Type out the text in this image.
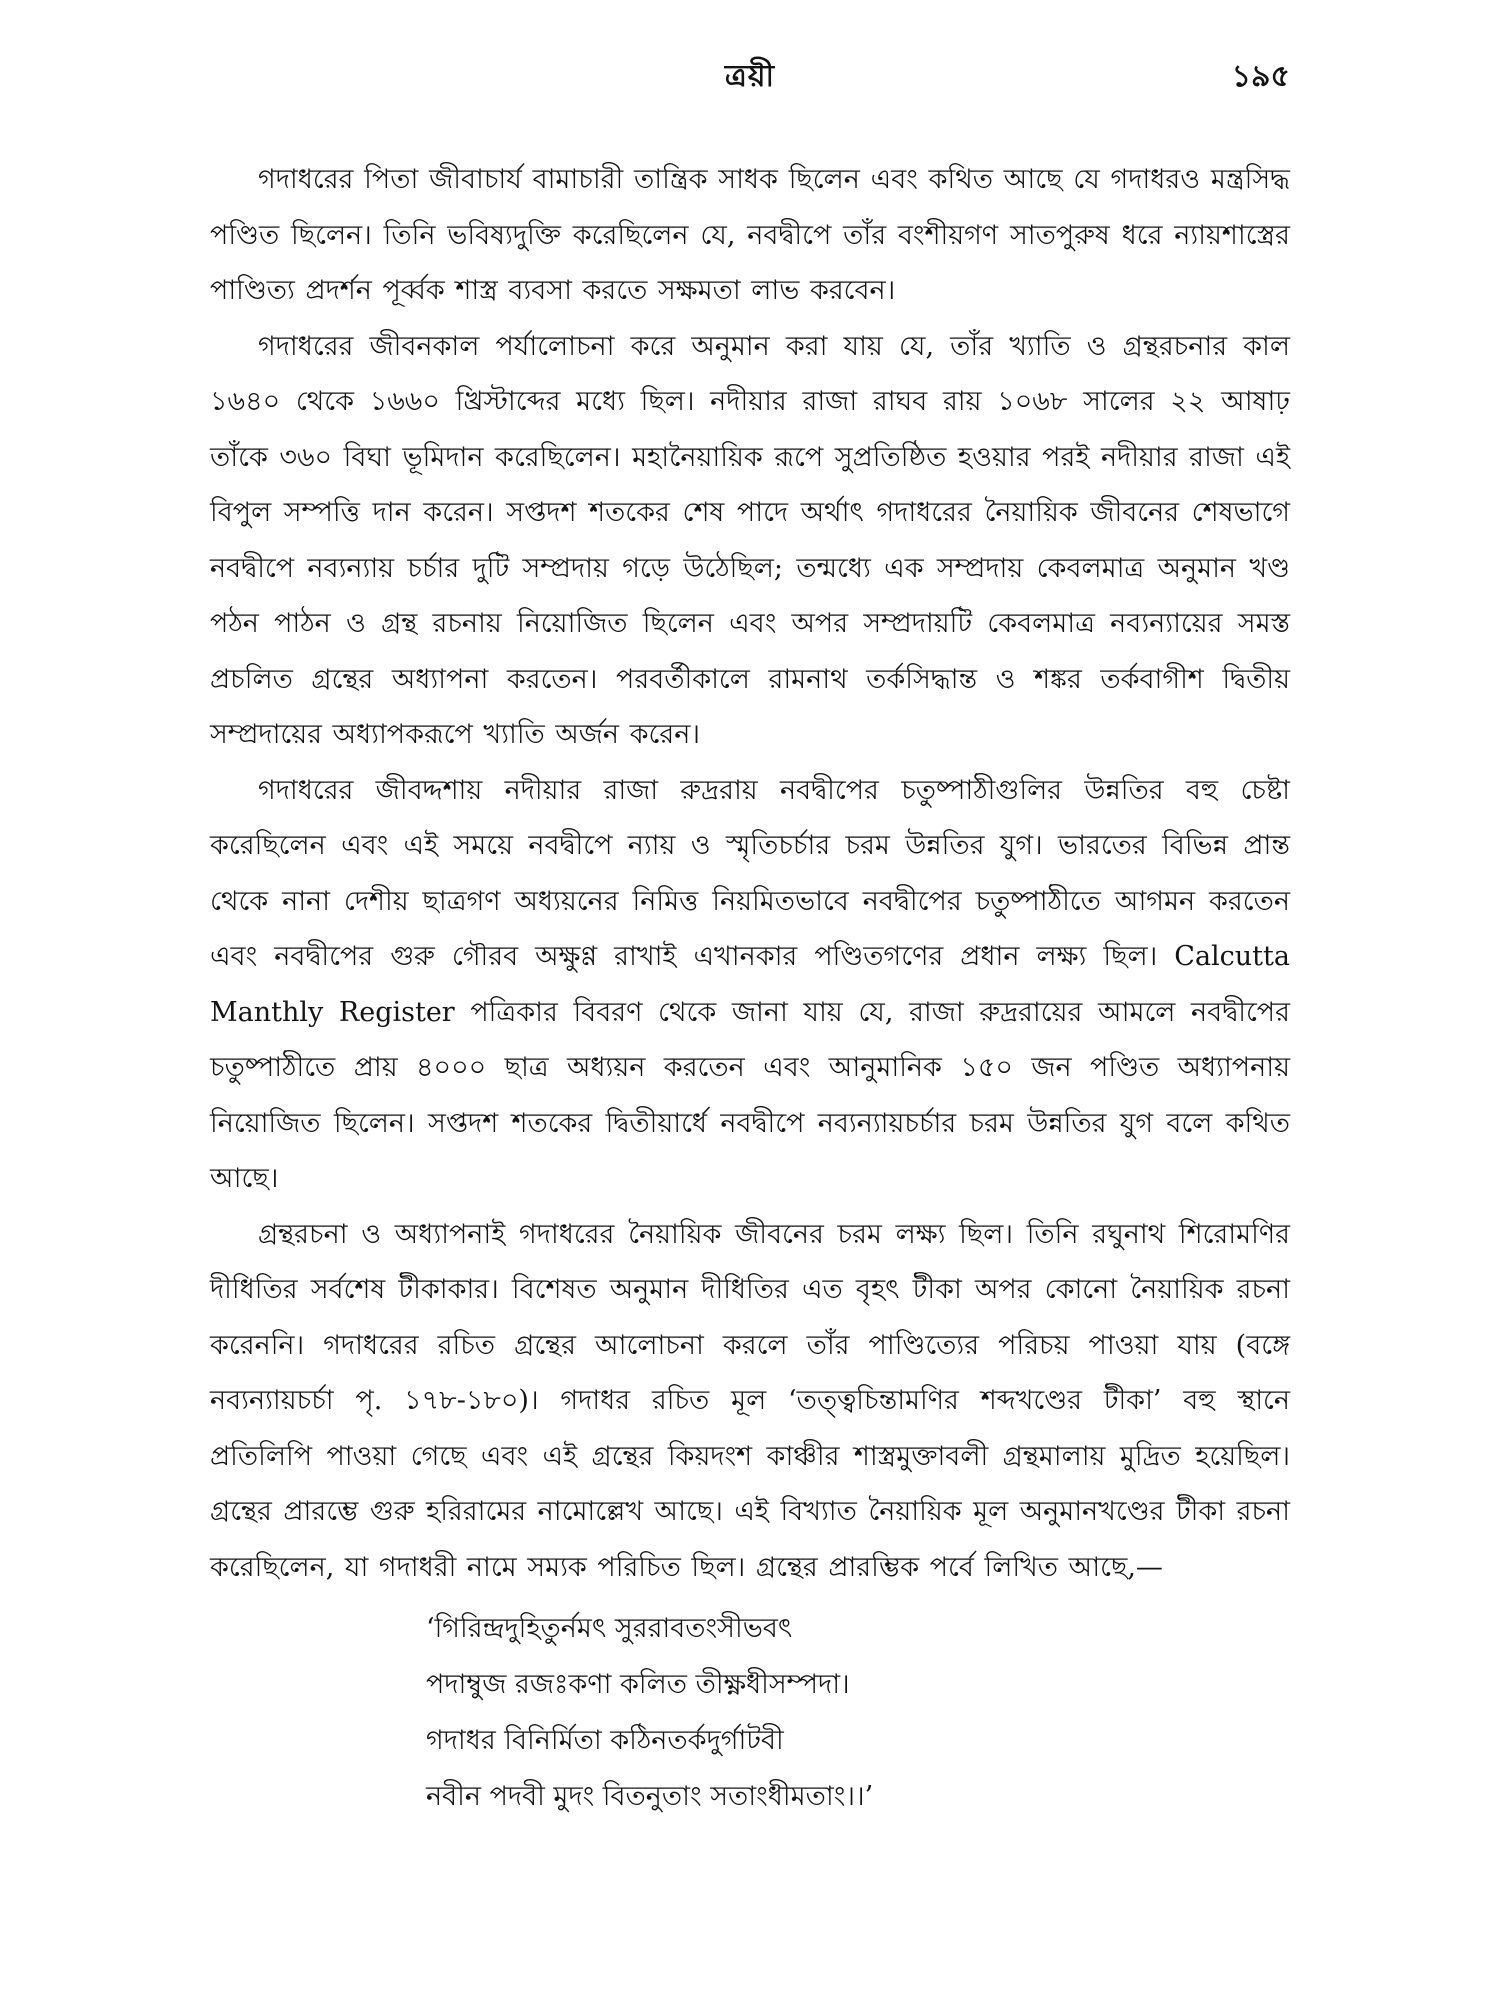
ত্রয়ী	১৯৫

গদাধরের পিতা জীবাচার্য বামাচারী তান্ত্রিক সাধক ছিলেন এবং কথিত আছে যে গদাধরও মন্ত্রসিদ্ধ পণ্ডিত ছিলেন। তিনি ভবিষ্যদুক্তি করেছিলেন যে, নবদ্বীপে তাঁর বংশীয়গণ সাতপুরুষ ধরে ন্যায়শাস্ত্রের পাণ্ডিত্য প্রদর্শন পূর্ব্বক শাস্ত্র ব্যবসা করতে সক্ষমতা লাভ করবেন।

গদাধরের জীবনকাল পর্যালোচনা করে অনুমান করা যায় যে, তাঁর খ্যাতি ও গ্রন্থরচনার কাল ১৬৪০ থেকে ১৬৬০ খ্রিস্টাব্দের মধ্যে ছিল। নদীয়ার রাজা রাঘব রায় ১০৬৮ সালের ২২ আষাঢ় তাঁকে ৩৬০ বিঘা ভূমিদান করেছিলেন। মহানৈয়ায়িক রূপে সুপ্রতিষ্ঠিত হওয়ার পরই নদীয়ার রাজা এই বিপুল সম্পত্তি দান করেন। সপ্তদশ শতকের শেষ পাদে অর্থাৎ গদাধরের নৈয়ায়িক জীবনের শেষভাগে নবদ্বীপে নব্যন্যায় চর্চার দুটি সম্প্রদায় গড়ে উঠেছিল; তন্মধ্যে এক সম্প্রদায় কেবলমাত্র অনুমান খণ্ড পঠন পাঠন ও গ্রন্থ রচনায় নিয়োজিত ছিলেন এবং অপর সম্প্রদায়টি কেবলমাত্র নব্যন্যায়ের সমস্ত প্রচলিত গ্রন্থের অধ্যাপনা করতেন। পরবর্তীকালে রামনাথ তর্কসিদ্ধান্ত ও শঙ্কর তর্কবাগীশ দ্বিতীয় সম্প্রদায়ের অধ্যাপকরূপে খ্যাতি অর্জন করেন।

গদাধরের জীবদ্দশায় নদীয়ার রাজা রুদ্ররায় নবদ্বীপের চতুষ্পাঠীগুলির উন্নতির বহু চেষ্টা করেছিলেন এবং এই সময়ে নবদ্বীপে ন্যায় ও স্মৃতিচর্চার চরম উন্নতির যুগ। ভারতের বিভিন্ন প্রান্ত থেকে নানা দেশীয় ছাত্রগণ অধ্যয়নের নিমিত্ত নিয়মিতভাবে নবদ্বীপের চতুষ্পাঠীতে আগমন করতেন এবং নবদ্বীপের গুরু গৌরব অক্ষুণ্ণ রাখাই এখানকার পণ্ডিতগণের প্রধান লক্ষ্য ছিল। Calcutta Manthly Register পত্রিকার বিবরণ থেকে জানা যায় যে, রাজা রুদ্ররায়ের আমলে নবদ্বীপের চতুষ্পাঠীতে প্রায় ৪০০০ ছাত্র অধ্যয়ন করতেন এবং আনুমানিক ১৫০ জন পণ্ডিত অধ্যাপনায় নিয়োজিত ছিলেন। সপ্তদশ শতকের দ্বিতীয়ার্ধে নবদ্বীপে নব্যন্যায়চর্চার চরম উন্নতির যুগ বলে কথিত আছে।

গ্রন্থরচনা ও অধ্যাপনাই গদাধরের নৈয়ায়িক জীবনের চরম লক্ষ্য ছিল। তিনি রঘুনাথ শিরোমণির দীধিতির সর্বশেষ টীকাকার। বিশেষত অনুমান দীধিতির এত বৃহৎ টীকা অপর কোনো নৈয়ায়িক রচনা করেননি। গদাধরের রচিত গ্রন্থের আলোচনা করলে তাঁর পাণ্ডিত্যের পরিচয় পাওয়া যায় (বঙ্গে নব্যন্যায়চর্চা পৃ. ১৭৮-১৮০)। গদাধর রচিত মূল ‘তত্ত্বচিন্তামণির শব্দখণ্ডের টীকা’ বহু স্থানে প্রতিলিপি পাওয়া গেছে এবং এই গ্রন্থের কিয়দংশ কাঞ্চীর শাস্ত্রমুক্তাবলী গ্রন্থমালায় মুদ্রিত হয়েছিল। গ্রন্থের প্রারম্ভে গুরু হরিরামের নামোল্লেখ আছে। এই বিখ্যাত নৈয়ায়িক মূল অনুমানখণ্ডের টীকা রচনা করেছিলেন, যা গদাধরী নামে সম্যক পরিচিত ছিল। গ্রন্থের প্রারম্ভিক পর্বে লিখিত আছে,—

‘গিরিন্দ্রদুহিতুর্নমৎ সুররাবতংসীভবৎ
পদাম্বুজ রজঃকণা কলিত তীক্ষ্ণধীসম্পদা।
গদাধর বিনির্মিতা কঠিনতর্কদুর্গাটবী
নবীন পদবী মুদং বিতনুতাং সতাংধীমতাং।।’
